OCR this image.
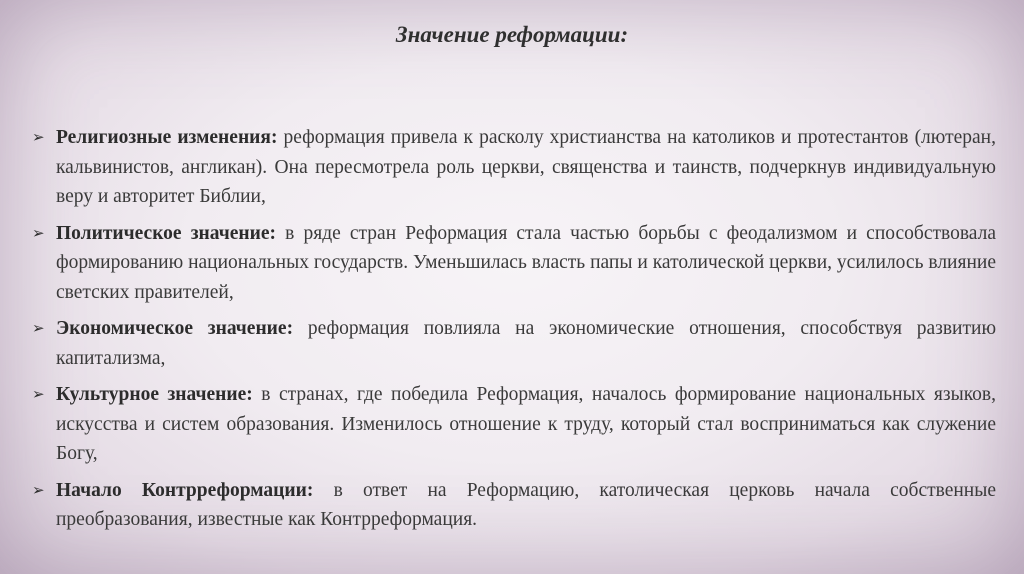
Значение реформации:
➢ Религиозные изменения: реформация привела к расколу христианства на католиков и протестантов (лютеран, кальвинистов, англикан). Она пересмотрела роль церкви, священства и таинств, подчеркнув индивидуальную веру и авторитет Библии,
➢ Политическое значение: в ряде стран Реформация стала частью борьбы с феодализмом и способствовала формированию национальных государств. Уменьшилась власть папы и католической церкви, усилилось влияние светских правителей,
➢ Экономическое значение: реформация повлияла на экономические отношения, способствуя развитию капитализма,
➢ Культурное значение: в странах, где победила Реформация, началось формирование национальных языков, искусства и систем образования. Изменилось отношение к труду, который стал восприниматься как служение Богу,
➢ Начало Контрреформации: в ответ на Реформацию, католическая церковь начала собственные преобразования, известные как Контрреформация.
